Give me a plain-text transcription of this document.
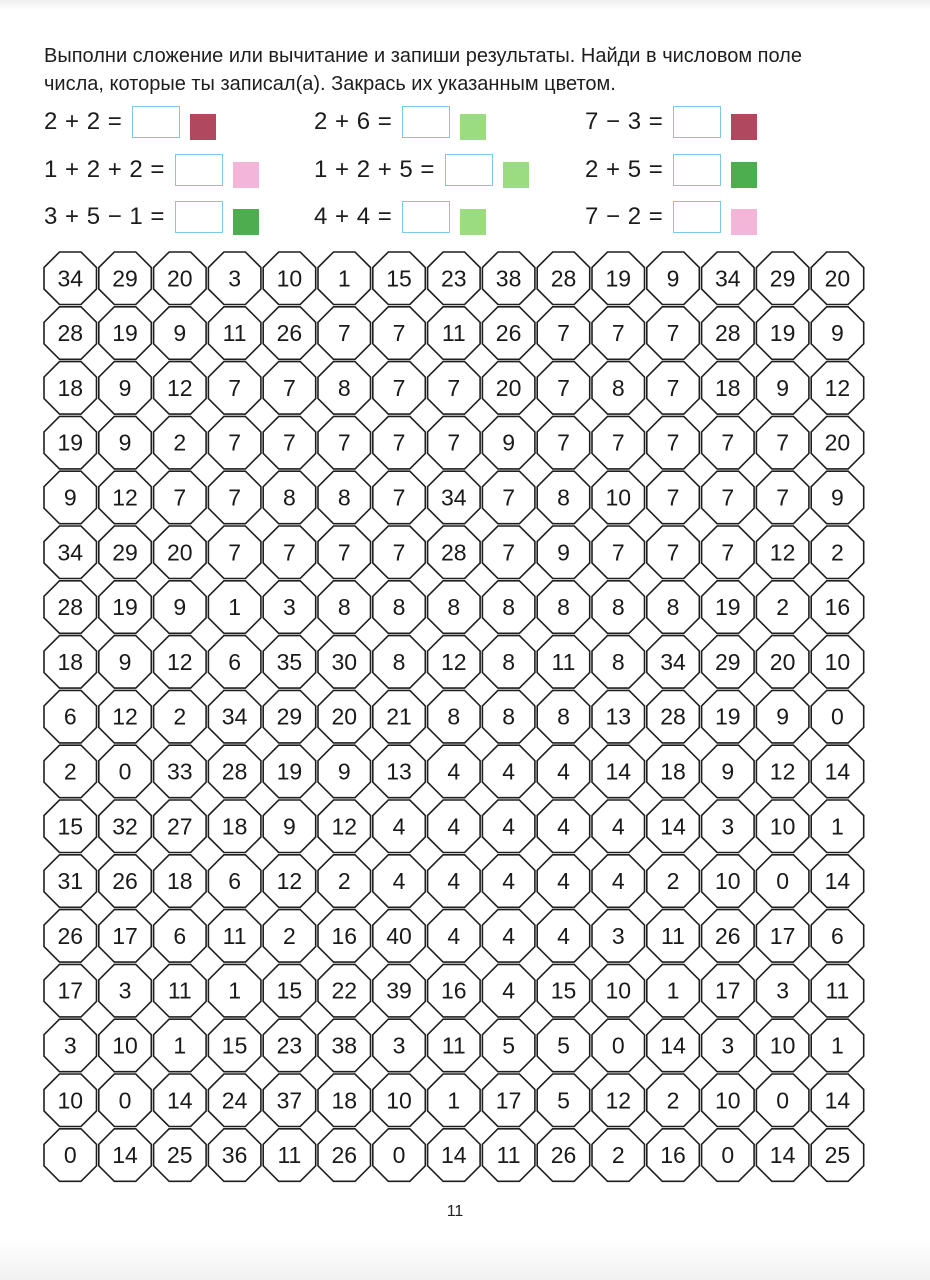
Выполни сложение или вычитание и запиши результаты. Найди в числовом поле

числа, которые ты записал(а). Закрась их указанным цветом.

2 + 2 =	2 + 6 =	7 − 3 =
1 + 2 + 2 =	1 + 2 + 5 =	2 + 5 =
3 + 5 − 1 =	4 + 4 =	7 − 2 =
34 29 20 3 10 1 15 23 38 28 19 9 34 29 20
28 19 9 11 26 7 7 11 26 7 7 7 28 19 9
18 9 12 7 7 8 7 7 20 7 8 7 18 9 12
19 9 2 7 7 7 7 7 9 7 7 7 7 7 20
9 12 7 7 8 8 7 34 7 8 10 7 7 7 9
34 29 20 7 7 7 7 28 7 9 7 7 7 12 2
28 19 9 1 3 8 8 8 8 8 8 8 19 2 16
18 9 12 6 35 30 8 12 8 11 8 34 29 20 10
6 12 2 34 29 20 21 8 8 8 13 28 19 9 0
2 0 33 28 19 9 13 4 4 4 14 18 9 12 14
15 32 27 18 9 12 4 4 4 4 4 14 3 10 1
31 26 18 6 12 2 4 4 4 4 4 2 10 0 14
26 17 6 11 2 16 40 4 4 4 3 11 26 17 6
17 3 11 1 15 22 39 16 4 15 10 1 17 3 11
3 10 1 15 23 38 3 11 5 5 0 14 3 10 1
10 0 14 24 37 18 10 1 17 5 12 2 10 0 14
0 14 25 36 11 26 0 14 11 26 2 16 0 14 25
11
